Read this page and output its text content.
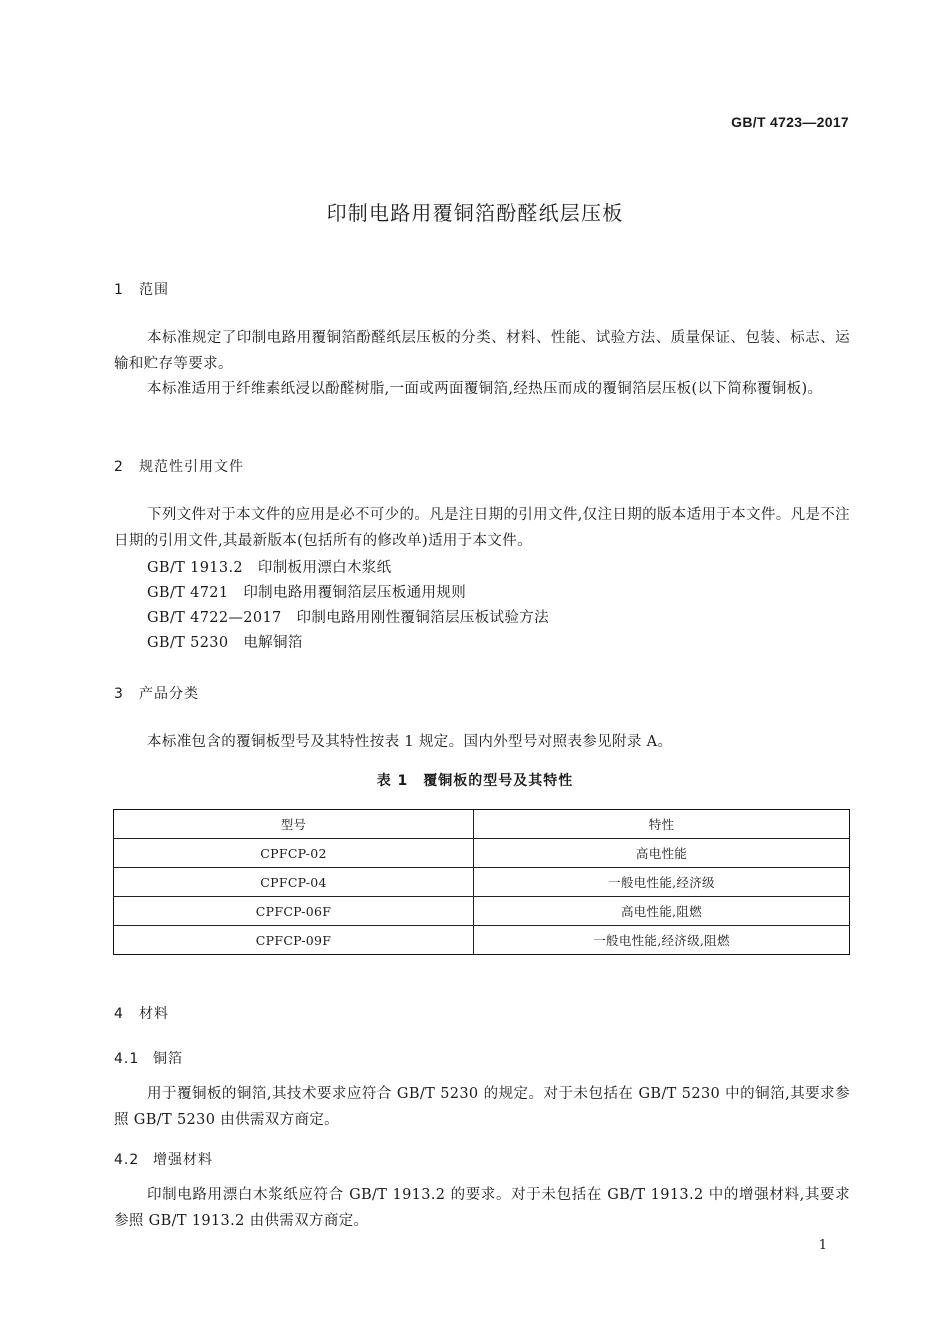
GB/T 4723—2017
印制电路用覆铜箔酚醛纸层压板
1 范围
本标准规定了印制电路用覆铜箔酚醛纸层压板的分类、材料、性能、试验方法、质量保证、包装、标志、运输和贮存等要求。
本标准适用于纤维素纸浸以酚醛树脂,一面或两面覆铜箔,经热压而成的覆铜箔层压板(以下简称覆铜板)。
2 规范性引用文件
下列文件对于本文件的应用是必不可少的。凡是注日期的引用文件,仅注日期的版本适用于本文件。凡是不注日期的引用文件,其最新版本(包括所有的修改单)适用于本文件。
GB/T 1913.2　 印制板用漂白木浆纸
GB/T 4721　 印制电路用覆铜箔层压板通用规则
GB/T 4722—2017　 印制电路用刚性覆铜箔层压板试验方法
GB/T 5230　 电解铜箔
3 产品分类
本标准包含的覆铜板型号及其特性按表 1 规定。国内外型号对照表参见附录 A。
表 1　覆铜板的型号及其特性
型号	特性
CPFCP-02	高电性能
CPFCP-04	一般电性能,经济级
CPFCP-06F	高电性能,阻燃
CPFCP-09F	一般电性能,经济级,阻燃
4 材料
4.1 铜箔
用于覆铜板的铜箔,其技术要求应符合 GB/T 5230 的规定。对于未包括在 GB/T 5230 中的铜箔,其要求参照 GB/T 5230 由供需双方商定。
4.2 增强材料
印制电路用漂白木浆纸应符合 GB/T 1913.2 的要求。对于未包括在 GB/T 1913.2 中的增强材料,其要求参照 GB/T 1913.2 由供需双方商定。
1
